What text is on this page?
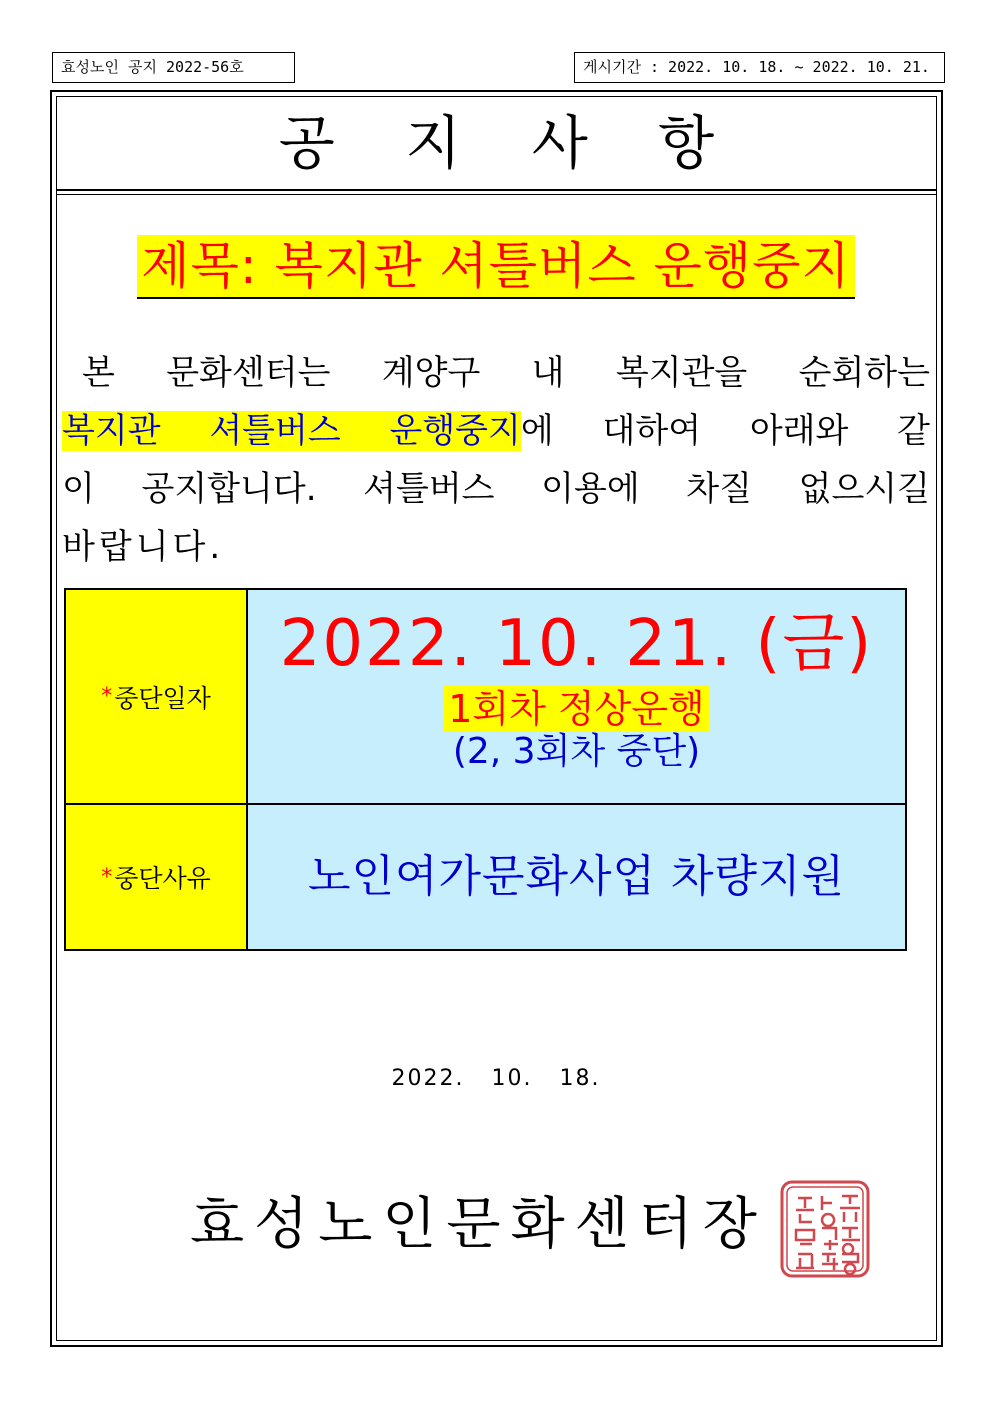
효성노인 공지 2022-56호	게시기간 : 2022. 10. 18. ~ 2022. 10. 21.
공 지 사 항
제목: 복지관 셔틀버스 운행중지
본 문화센터는 계양구 내 복지관을 순회하는
복지관 셔틀버스 운행중지에 대하여 아래와 같
이 공지합니다. 셔틀버스 이용에 차질 없으시길
바랍니다.
* 중단일자
2022. 10. 21. (금)
1회차 정상운행
(2, 3회차 중단)
* 중단사유	노인여가문화사업 차량지원
2022. 10. 18.
효성노인문화센터장
